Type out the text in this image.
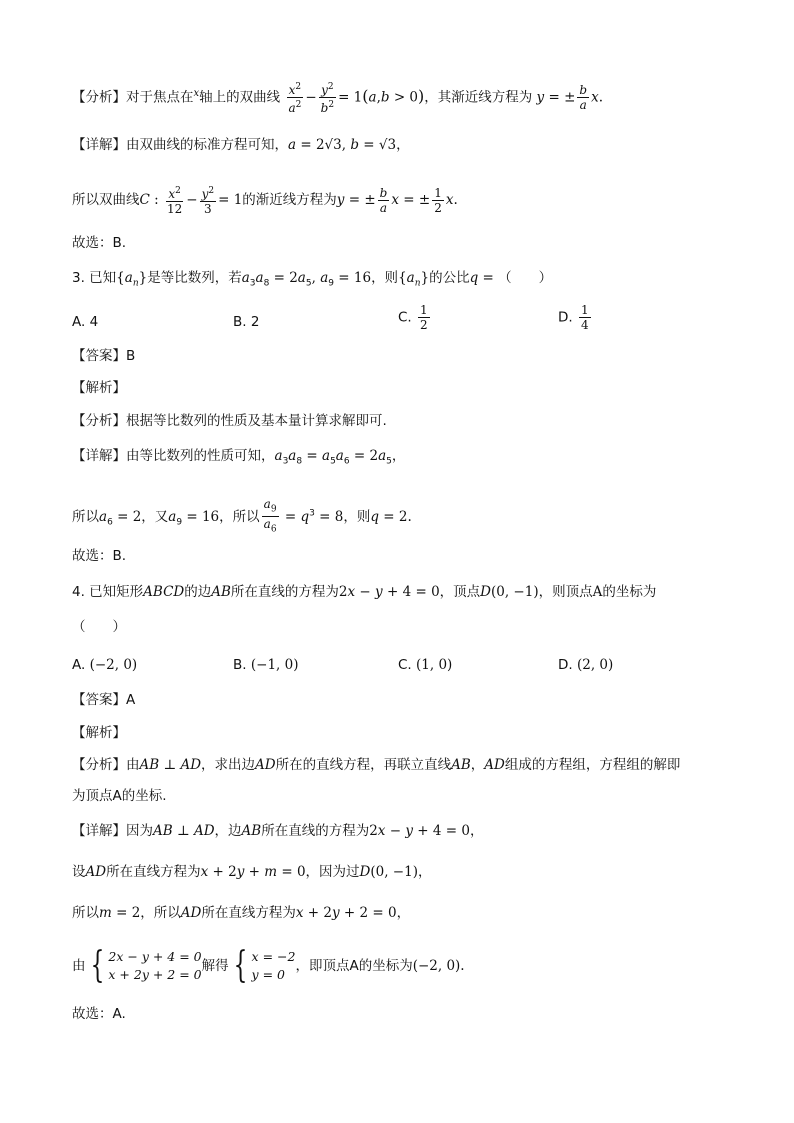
【分析】对于焦点在$^x$轴上的双曲线 $\frac{x^2}{a^2} - \frac{y^2}{b^2} = 1(a,b > 0)$，其渐近线方程为 y = ± $\frac{b}{a} x$.
【详解】由双曲线的标准方程可知，a = 2√3, b = √3，
所以双曲线C : $\frac{x^2}{12} - \frac{y^2}{3} = 1$的渐近线方程为y = ± $\frac{b}{a}$ x = ± $\frac{1}{2} x$.
故选：B.
3. 已知$\{a_n\}$是等比数列，若$a_3a_8 = 2a_5$, $a_9 = 16$，则$\{a_n\}$的公比q = （　　）
A. 4	B. 2	C. $\frac{1}{2}$	D. $\frac{1}{4}$
【答案】B
【解析】
【分析】根据等比数列的性质及基本量计算求解即可.
【详解】由等比数列的性质可知，$a_3a_8 = a_5a_6 = 2a_5$，
所以$a_6 = 2$，又$a_9 = 16$，所以 $\frac{a_9}{a_6} = q^3 = 8$，则q = 2.
故选：B.
4. 已知矩形ABCD的边AB所在直线的方程为2x − y + 4 = 0，顶点D(0, −1)，则顶点A的坐标为
（　　）
A. (−2, 0)	B. (−1, 0)	C. (1, 0)	D. (2, 0)
【答案】A
【解析】
【分析】由AB ⊥ AD，求出边AD所在的直线方程，再联立直线AB，AD组成的方程组，方程组的解即
为顶点A的坐标.
【详解】因为AB ⊥ AD，边AB所在直线的方程为2x − y + 4 = 0，
设AD所在直线方程为x + 2y + m = 0，因为过D(0, −1)，
所以m = 2，所以AD所在直线方程为x + 2y + 2 = 0，
由 { 2x − y + 4 = 0
x + 2y + 2 = 0
解得 { x = −2
y = 0
，即顶点A的坐标为(−2, 0).
故选：A.
